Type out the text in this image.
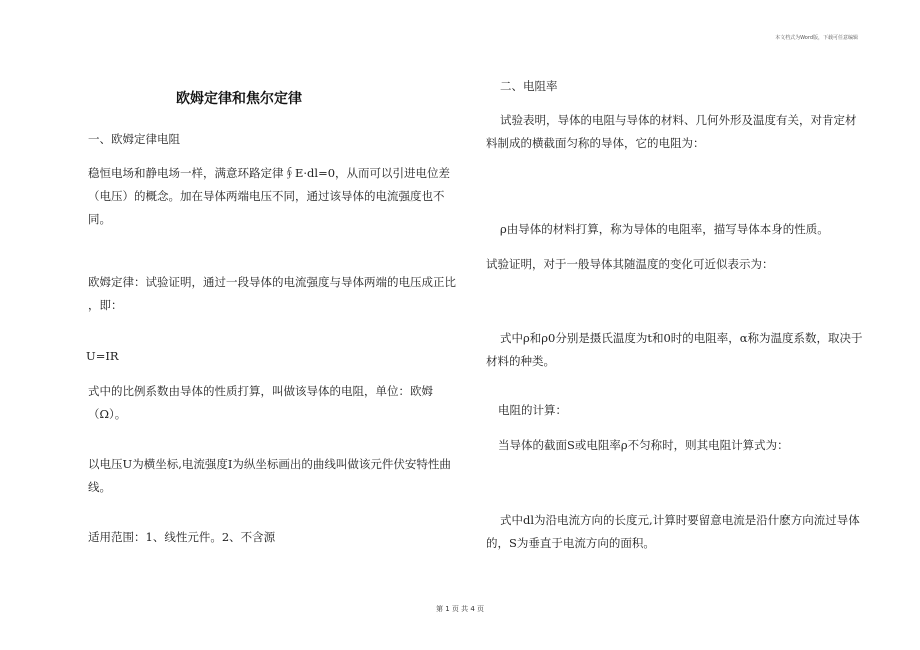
本文档式为Word版，下载可任意编辑
欧姆定律和焦尔定律

一、欧姆定律电阻

稳恒电场和静电场一样，满意环路定律∮E·dl=0，从而可以引进电位差（电压）的概念。加在导体两端电压不同，通过该导体的电流强度也不同。

欧姆定律：试验证明，通过一段导体的电流强度与导体两端的电压成正比 ，即：

U=IR

式中的比例系数由导体的性质打算，叫做该导体的电阻，单位：欧姆（Ω）。

以电压U为横坐标,电流强度I为纵坐标画出的曲线叫做该元件伏安特性曲线。

适用范围：1、线性元件。2、不含源

二、电阻率

试验表明，导体的电阻与导体的材料、几何外形及温度有关，对肯定材料制成的横截面匀称的导体，它的电阻为：

ρ由导体的材料打算，称为导体的电阻率，描写导体本身的性质。

试验证明，对于一般导体其随温度的变化可近似表示为：

式中ρ和ρ0分别是摄氏温度为t和0时的电阻率，α称为温度系数，取决于材料的种类。

电阻的计算：

当导体的截面S或电阻率ρ不匀称时，则其电阻计算式为：

式中dl为沿电流方向的长度元,计算时要留意电流是沿什麽方向流过导体的，S为垂直于电流方向的面积。

第 1 页 共 4 页
